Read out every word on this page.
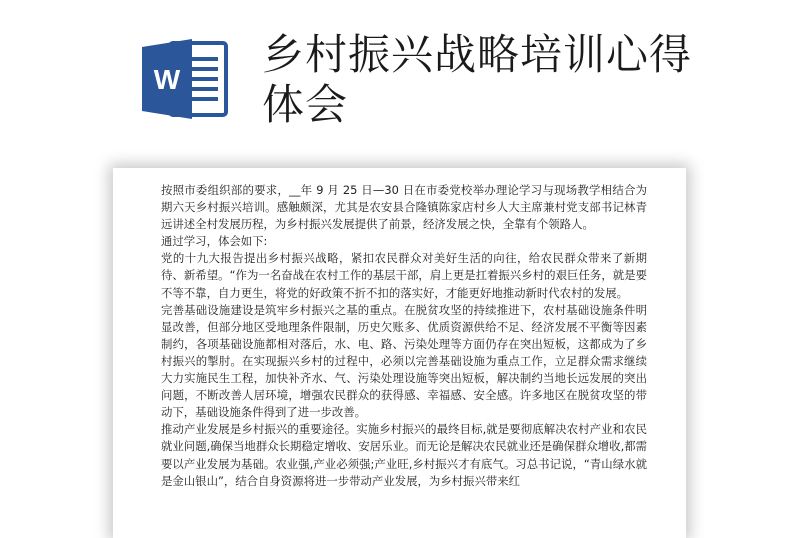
W
乡村振兴战略培训心得体会

按照市委组织部的要求，__年 9 月 25 日—30 日在市委党校举办理论学习与现场教学相结合为期六天乡村振兴培训。感触颇深，尤其是农安县合隆镇陈家店村乡人大主席兼村党支部书记林青远讲述全村发展历程，为乡村振兴发展提供了前景，经济发展之快，全靠有个领路人。

通过学习，体会如下:

党的十九大报告提出乡村振兴战略，紧扣农民群众对美好生活的向往，给农民群众带来了新期待、新希望。“作为一名奋战在农村工作的基层干部，肩上更是扛着振兴乡村的艰巨任务，就是要不等不靠，自力更生，将党的好政策不折不扣的落实好，才能更好地推动新时代农村的发展。

完善基础设施建设是筑牢乡村振兴之基的重点。在脱贫攻坚的持续推进下，农村基础设施条件明显改善，但部分地区受地理条件限制，历史欠账多、优质资源供给不足、经济发展不平衡等因素制约，各项基础设施都相对落后，水、电、路、污染处理等方面仍存在突出短板，这都成为了乡村振兴的掣肘。在实现振兴乡村的过程中，必须以完善基础设施为重点工作，立足群众需求继续大力实施民生工程，加快补齐水、气、污染处理设施等突出短板，解决制约当地长远发展的突出问题，不断改善人居环境，增强农民群众的获得感、幸福感、安全感。许多地区在脱贫攻坚的带动下，基础设施条件得到了进一步改善。

推动产业发展是乡村振兴的重要途径。实施乡村振兴的最终目标,就是要彻底解决农村产业和农民就业问题,确保当地群众长期稳定增收、安居乐业。而无论是解决农民就业还是确保群众增收,都需要以产业发展为基础。农业强,产业必须强;产业旺,乡村振兴才有底气。习总书记说，“青山绿水就是金山银山”，结合自身资源将进一步带动产业发展，为乡村振兴带来红
